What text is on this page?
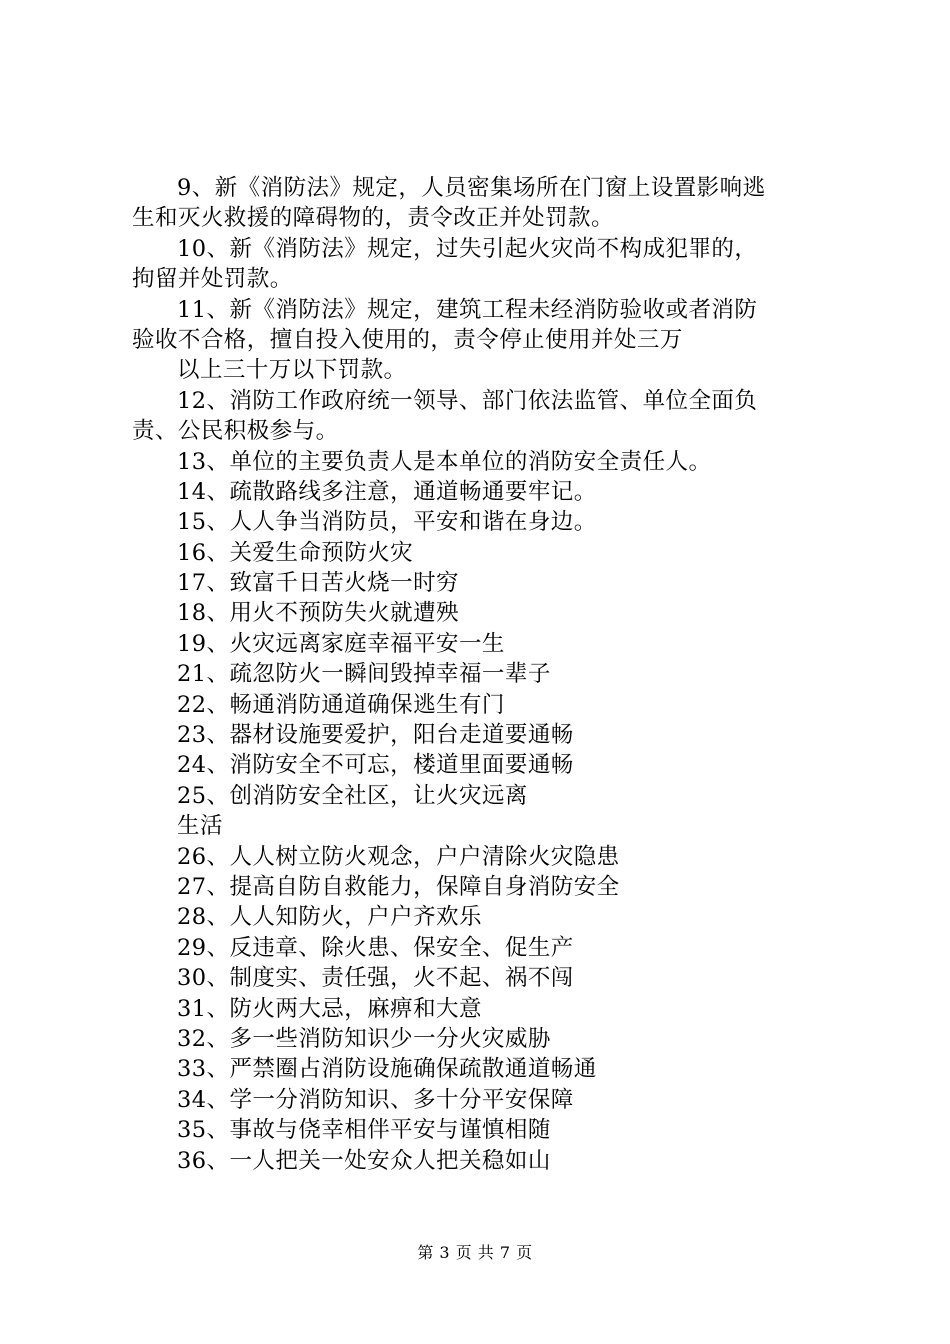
9、新《消防法》规定，人员密集场所在门窗上设置影响逃
生和灭火救援的障碍物的，责令改正并处罚款。
10、新《消防法》规定，过失引起火灾尚不构成犯罪的，
拘留并处罚款。
11、新《消防法》规定，建筑工程未经消防验收或者消防
验收不合格，擅自投入使用的，责令停止使用并处三万
以上三十万以下罚款。
12、消防工作政府统一领导、部门依法监管、单位全面负
责、公民积极参与。
13、单位的主要负责人是本单位的消防安全责任人。
14、疏散路线多注意，通道畅通要牢记。
15、人人争当消防员，平安和谐在身边。
16、关爱生命预防火灾
17、致富千日苦火烧一时穷
18、用火不预防失火就遭殃
19、火灾远离家庭幸福平安一生
21、疏忽防火一瞬间毁掉幸福一辈子
22、畅通消防通道确保逃生有门
23、器材设施要爱护，阳台走道要通畅
24、消防安全不可忘，楼道里面要通畅
25、创消防安全社区，让火灾远离
生活
26、人人树立防火观念，户户清除火灾隐患
27、提高自防自救能力，保障自身消防安全
28、人人知防火，户户齐欢乐
29、反违章、除火患、保安全、促生产
30、制度实、责任强，火不起、祸不闯
31、防火两大忌，麻痹和大意
32、多一些消防知识少一分火灾威胁
33、严禁圈占消防设施确保疏散通道畅通
34、学一分消防知识、多十分平安保障
35、事故与侥幸相伴平安与谨慎相随
36、一人把关一处安众人把关稳如山
第 3 页 共 7 页
